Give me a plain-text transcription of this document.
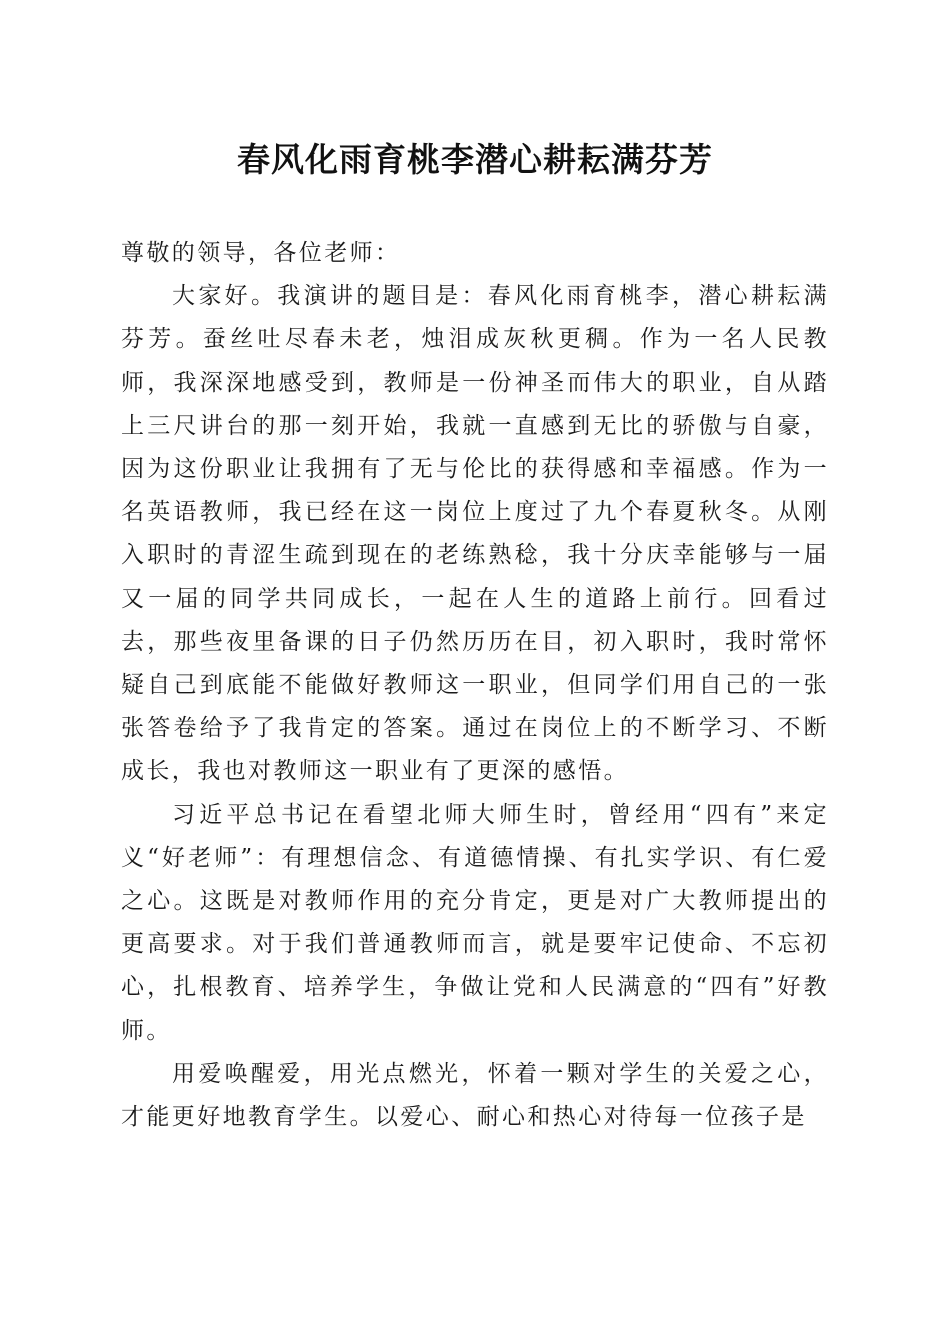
春风化雨育桃李潜心耕耘满芬芳

尊敬的领导，各位老师：

大家好。我演讲的题目是：春风化雨育桃李，潜心耕耘满芬芳。蚕丝吐尽春未老，烛泪成灰秋更稠。作为一名人民教师，我深深地感受到，教师是一份神圣而伟大的职业，自从踏上三尺讲台的那一刻开始，我就一直感到无比的骄傲与自豪，因为这份职业让我拥有了无与伦比的获得感和幸福感。作为一名英语教师，我已经在这一岗位上度过了九个春夏秋冬。从刚入职时的青涩生疏到现在的老练熟稔，我十分庆幸能够与一届又一届的同学共同成长，一起在人生的道路上前行。回看过去，那些夜里备课的日子仍然历历在目，初入职时，我时常怀疑自己到底能不能做好教师这一职业，但同学们用自己的一张张答卷给予了我肯定的答案。通过在岗位上的不断学习、不断成长，我也对教师这一职业有了更深的感悟。

习近平总书记在看望北师大师生时，曾经用“四有”来定义“好老师”：有理想信念、有道德情操、有扎实学识、有仁爱之心。这既是对教师作用的充分肯定，更是对广大教师提出的更高要求。对于我们普通教师而言，就是要牢记使命、不忘初心，扎根教育、培养学生，争做让党和人民满意的“四有”好教师。

用爱唤醒爱，用光点燃光，怀着一颗对学生的关爱之心，才能更好地教育学生。以爱心、耐心和热心对待每一位孩子是
